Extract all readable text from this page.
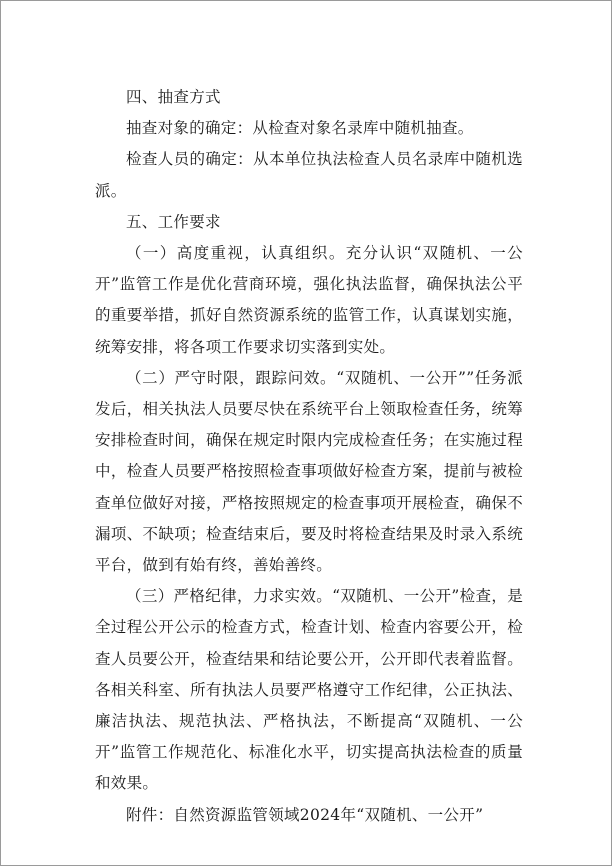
四、抽查方式

抽查对象的确定：从检查对象名录库中随机抽查。

检查人员的确定：从本单位执法检查人员名录库中随机选派。

五、工作要求

（一）高度重视，认真组织。充分认识“双随机、一公开”监管工作是优化营商环境，强化执法监督，确保执法公平的重要举措，抓好自然资源系统的监管工作，认真谋划实施，统筹安排，将各项工作要求切实落到实处。

（二）严守时限，跟踪问效。“双随机、一公开””任务派发后，相关执法人员要尽快在系统平台上领取检查任务，统筹安排检查时间，确保在规定时限内完成检查任务；在实施过程中，检查人员要严格按照检查事项做好检查方案，提前与被检查单位做好对接，严格按照规定的检查事项开展检查，确保不漏项、不缺项；检查结束后，要及时将检查结果及时录入系统平台，做到有始有终，善始善终。

（三）严格纪律，力求实效。“双随机、一公开”检查，是全过程公开公示的检查方式，检查计划、检查内容要公开，检查人员要公开，检查结果和结论要公开，公开即代表着监督。各相关科室、所有执法人员要严格遵守工作纪律，公正执法、廉洁执法、规范执法、严格执法，不断提高“双随机、一公开”监管工作规范化、标准化水平，切实提高执法检查的质量和效果。

附件：自然资源监管领域2024年“双随机、一公开”
